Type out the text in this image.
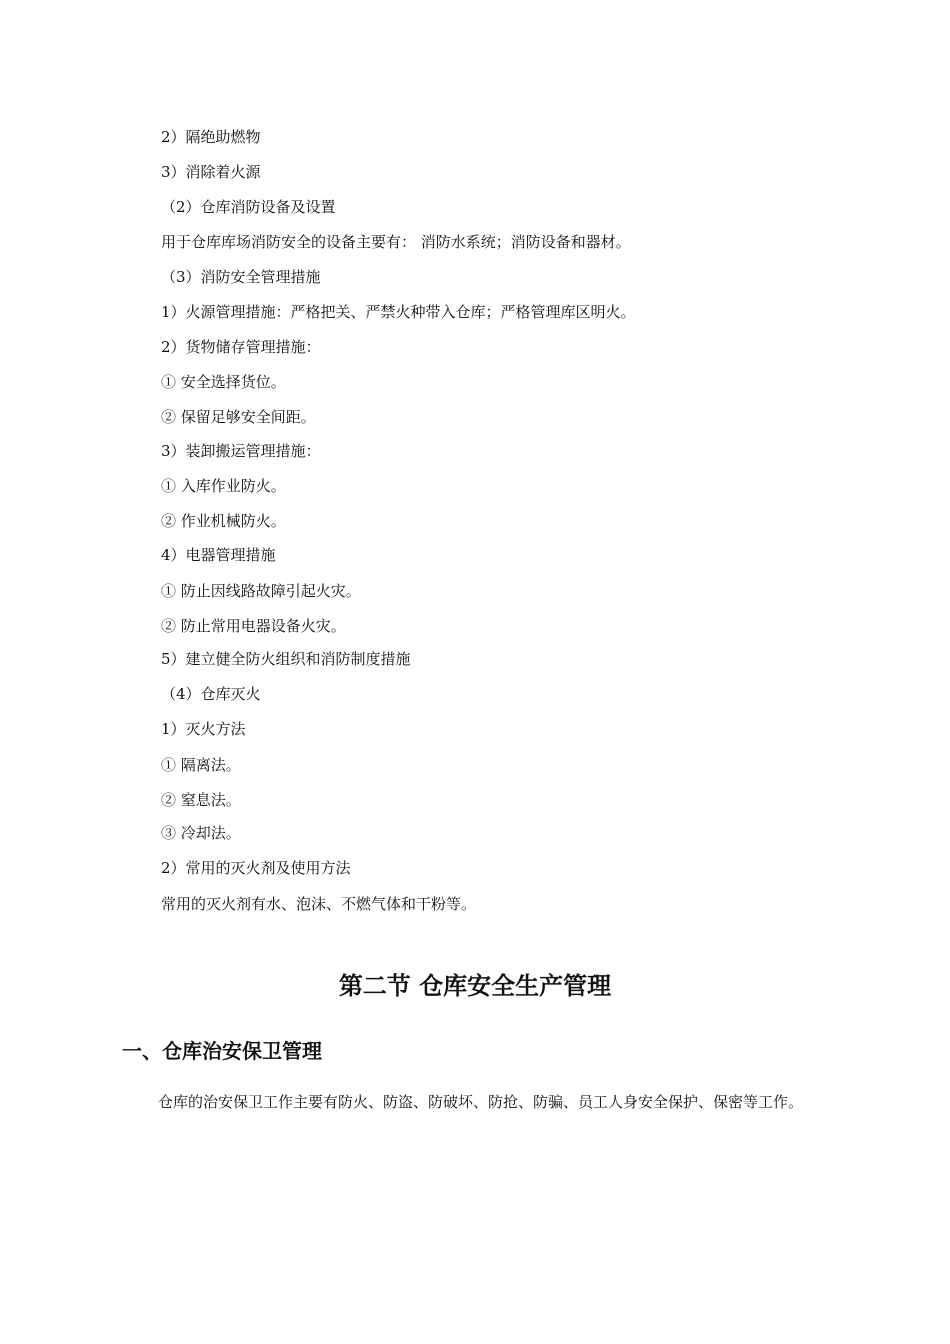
2）隔绝助燃物
3）消除着火源
（2）仓库消防设备及设置
用于仓库库场消防安全的设备主要有： 消防水系统；消防设备和器材。
（3）消防安全管理措施
1）火源管理措施：严格把关、严禁火种带入仓库；严格管理库区明火。
2）货物储存管理措施：
① 安全选择货位。
② 保留足够安全间距。
3）装卸搬运管理措施：
① 入库作业防火。
② 作业机械防火。
4）电器管理措施
① 防止因线路故障引起火灾。
② 防止常用电器设备火灾。
5）建立健全防火组织和消防制度措施
（4）仓库灭火
1）灭火方法
① 隔离法。
② 窒息法。
③ 冷却法。
2）常用的灭火剂及使用方法
常用的灭火剂有水、泡沫、不燃气体和干粉等。
第二节 仓库安全生产管理
一、仓库治安保卫管理
仓库的治安保卫工作主要有防火、防盗、防破坏、防抢、防骗、员工人身安全保护、保密等工作。
